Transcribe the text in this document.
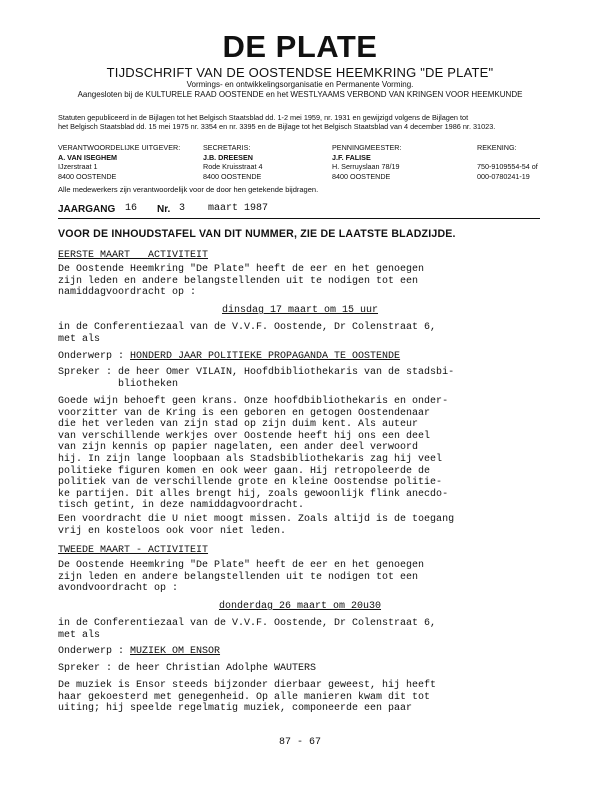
DE PLATE
TIJDSCHRIFT VAN DE OOSTENDSE HEEMKRING "DE PLATE"
Vormings- en ontwikkelingsorganisatie en Permanente Vorming.
Aangesloten bij de KULTURELE RAAD OOSTENDE en het WESTLYAAMS VERBOND VAN KRINGEN VOOR HEEMKUNDE
Statuten gepubliceerd in de Bijlagen tot het Belgisch Staatsblad dd. 1-2 mei 1959, nr. 1931 en gewijzigd volgens de Bijlagen tot
het Belgisch Staatsblad dd. 15 mei 1975 nr. 3354 en nr. 3395 en de Bijlage tot het Belgisch Staatsblad van 4 december 1986 nr. 31023.
VERANTWOORDELIJKE UITGEVER:
A. VAN ISEGHEM
IJzerstraat 1
8400 OOSTENDE
SECRETARIS:
J.B. DREESEN
Rode Kruisstraat 4
8400 OOSTENDE
PENNINGMEESTER:
J.F. FALISE
H. Serruyslaan 78/19
8400 OOSTENDE
REKENING:
750-9109554-54 of
000-0780241-19
Alle medewerkers zijn verantwoordelijk voor de door hen getekende bijdragen.
JAARGANG 16 Nr. 3 maart 1987
VOOR DE INHOUDSTAFEL VAN DIT NUMMER, ZIE DE LAATSTE BLADZIJDE.
EERSTE MAART   ACTIVITEIT
De Oostende Heemkring "De Plate" heeft de eer en het genoegen
zijn leden en andere belangstellenden uit te nodigen tot een
namiddagvoordracht op :
dinsdag 17 maart om 15 uur
in de Conferentiezaal van de V.V.F. Oostende, Dr Colenstraat 6,
met als
Onderwerp : HONDERD JAAR POLITIEKE PROPAGANDA TE OOSTENDE
Spreker : de heer Omer VILAIN, Hoofdbibliothekaris van de stadsbi-
bliotheken
Goede wijn behoeft geen krans. Onze hoofdbibliothekaris en onder-
voorzitter van de Kring is een geboren en getogen Oostendenaar
die het verleden van zijn stad op zijn duim kent. Als auteur
van verschillende werkjes over Oostende heeft hij ons een deel
van zijn kennis op papier nagelaten, een ander deel verwoord
hij. In zijn lange loopbaan als Stadsbibliothekaris zag hij veel
politieke figuren komen en ook weer gaan. Hij retropoleerde de
politiek van de verschillende grote en kleine Oostendse politie-
ke partijen. Dit alles brengt hij, zoals gewoonlijk flink anecdo-
tisch getint, in deze namiddagvoordracht.
Een voordracht die U niet moogt missen. Zoals altijd is de toegang
vrij en kosteloos ook voor niet leden.
TWEEDE MAART - ACTIVITEIT
De Oostende Heemkring "De Plate" heeft de eer en het genoegen
zijn leden en andere belangstellenden uit te nodigen tot een
avondvoordracht op :
donderdag 26 maart om 20u30
in de Conferentiezaal van de V.V.F. Oostende, Dr Colenstraat 6,
met als
Onderwerp : MUZIEK OM ENSOR
Spreker : de heer Christian Adolphe WAUTERS
De muziek is Ensor steeds bijzonder dierbaar geweest, hij heeft
haar gekoesterd met genegenheid. Op alle manieren kwam dit tot
uiting; hij speelde regelmatig muziek, componeerde een paar
87 - 67
